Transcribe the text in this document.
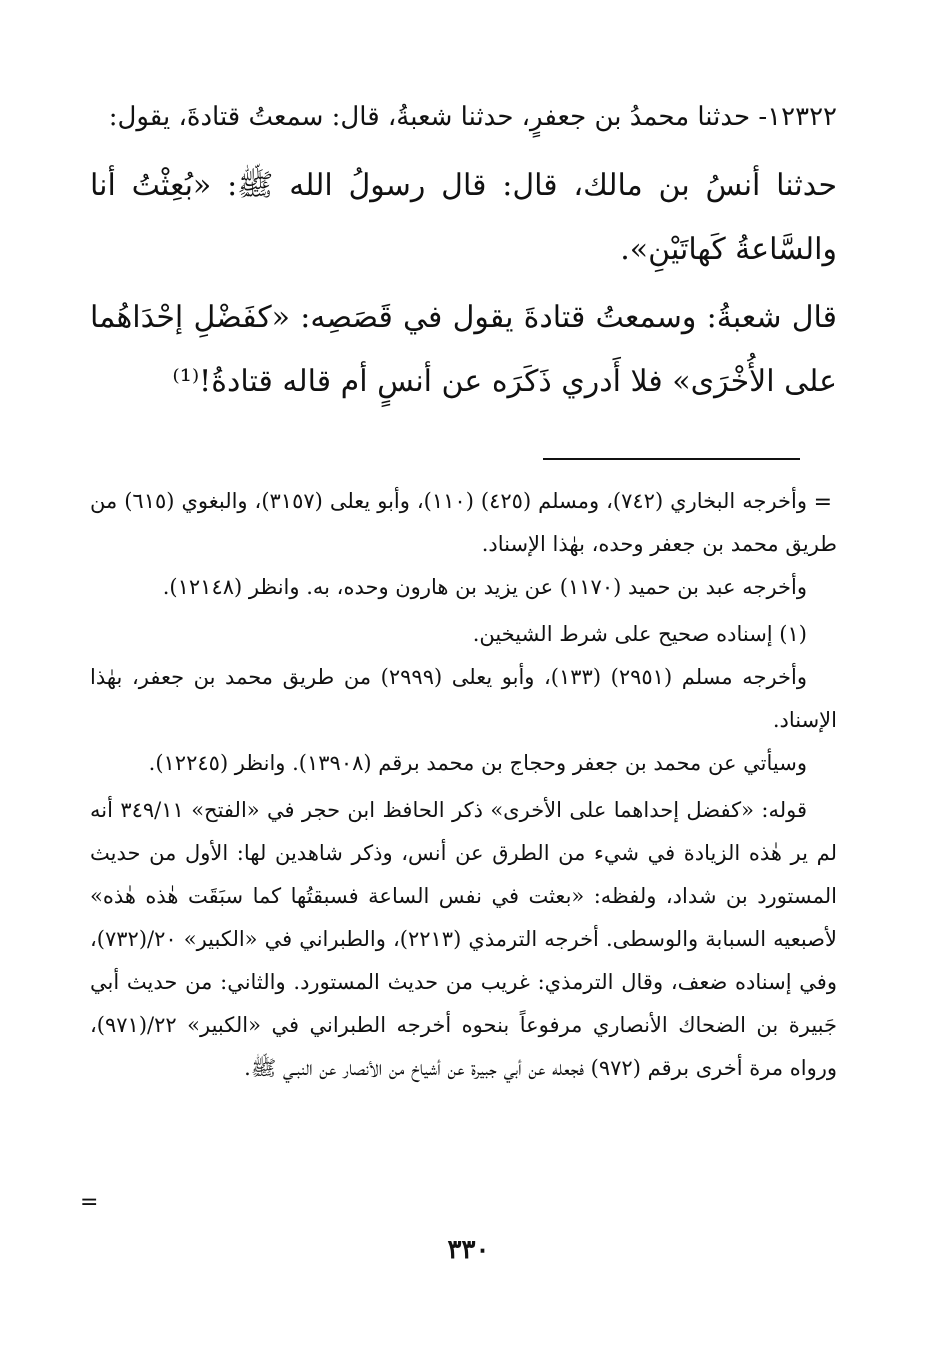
١٢٣٢٢- حدثنا محمدُ بن جعفرٍ، حدثنا شعبةُ، قال: سمعتُ قتادةَ، يقول:

حدثنا أنسُ بن مالك، قال: قال رسولُ الله ﷺ: «بُعِثْتُ أنا والسَّاعةُ كَهاتَيْنِ».

قال شعبةُ: وسمعتُ قتادةَ يقول في قَصَصِه: «كفَضْلِ إحْدَاهُما على الأُخْرَى» فلا أَدري ذَكَرَه عن أنسٍ أم قاله قتادةُ!⁽¹⁾

=

وأخرجه البخاري (٧٤٢)، ومسلم (٤٢٥) (١١٠)، وأبو يعلى (٣١٥٧)، والبغوي (٦١٥) من طريق محمد بن جعفر وحده، بهٰذا الإسناد.

وأخرجه عبد بن حميد (١١٧٠) عن يزيد بن هارون وحده، به. وانظر (١٢١٤٨).

(١) إسناده صحيح على شرط الشيخين.

وأخرجه مسلم (٢٩٥١) (١٣٣)، وأبو يعلى (٢٩٩٩) من طريق محمد بن جعفر، بهٰذا الإسناد.

وسيأتي عن محمد بن جعفر وحجاج بن محمد برقم (١٣٩٠٨). وانظر (١٢٢٤٥).

قوله: «كفضل إحداهما على الأخرى» ذكر الحافظ ابن حجر في «الفتح» ٣٤٩/١١ أنه لم ير هٰذه الزيادة في شيء من الطرق عن أنس، وذكر شاهدين لها: الأول من حديث المستورد بن شداد، ولفظه: «بعثت في نفس الساعة فسبقتُها كما سبَقَت هٰذه هٰذه» لأصبعيه السبابة والوسطى. أخرجه الترمذي (٢٢١٣)، والطبراني في «الكبير» ٢٠/(٧٣٢)، وفي إسناده ضعف، وقال الترمذي: غريب من حديث المستورد. والثاني: من حديث أبي جَبيرة بن الضحاك الأنصاري مرفوعاً بنحوه أخرجه الطبراني في «الكبير» ٢٢/(٩٧١)، ورواه مرة أخرى برقم (٩٧٢) فجعله عن أبي جبيرة عن أشياخ من الأنصار عن النبـي ﷺ.

=
٣٣٠
